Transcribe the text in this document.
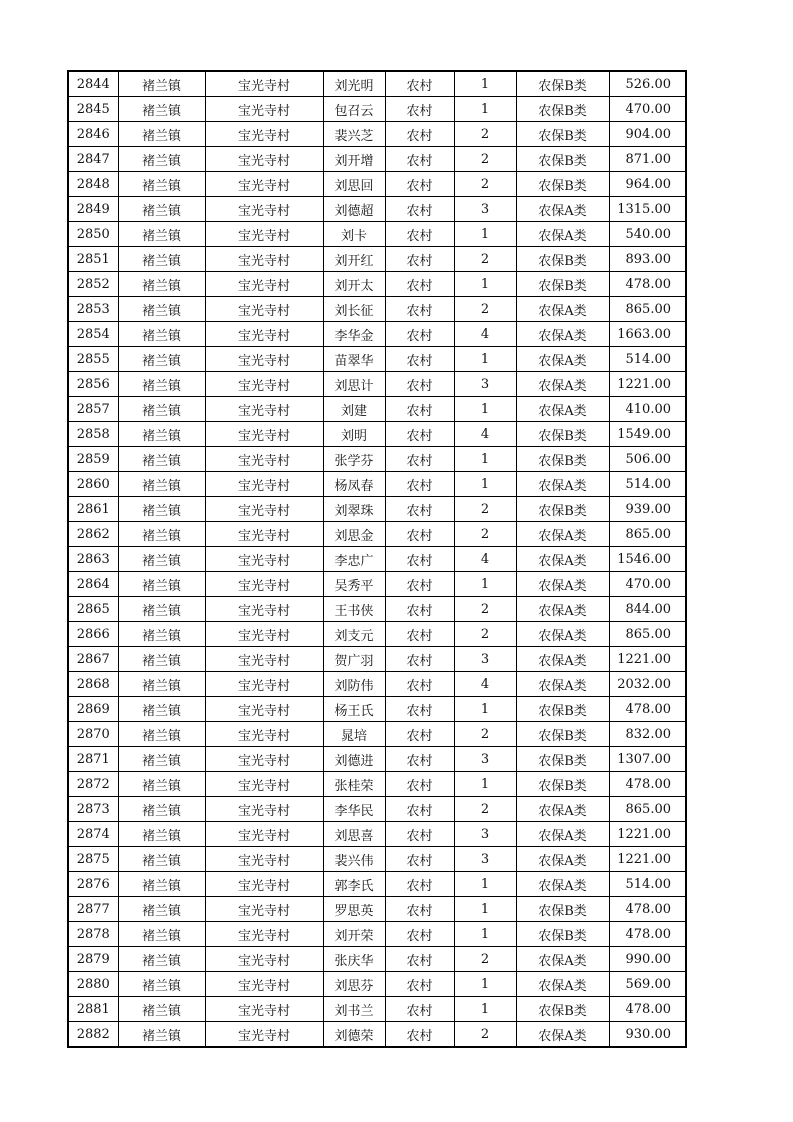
2844	褚兰镇	宝光寺村	刘光明	农村	1	农保B类	526.00
2845	褚兰镇	宝光寺村	包召云	农村	1	农保B类	470.00
2846	褚兰镇	宝光寺村	裴兴芝	农村	2	农保B类	904.00
2847	褚兰镇	宝光寺村	刘开增	农村	2	农保B类	871.00
2848	褚兰镇	宝光寺村	刘思回	农村	2	农保B类	964.00
2849	褚兰镇	宝光寺村	刘德超	农村	3	农保A类	1315.00
2850	褚兰镇	宝光寺村	刘卡	农村	1	农保A类	540.00
2851	褚兰镇	宝光寺村	刘开红	农村	2	农保B类	893.00
2852	褚兰镇	宝光寺村	刘开太	农村	1	农保B类	478.00
2853	褚兰镇	宝光寺村	刘长征	农村	2	农保A类	865.00
2854	褚兰镇	宝光寺村	李华金	农村	4	农保A类	1663.00
2855	褚兰镇	宝光寺村	苗翠华	农村	1	农保A类	514.00
2856	褚兰镇	宝光寺村	刘思计	农村	3	农保A类	1221.00
2857	褚兰镇	宝光寺村	刘建	农村	1	农保A类	410.00
2858	褚兰镇	宝光寺村	刘明	农村	4	农保B类	1549.00
2859	褚兰镇	宝光寺村	张学芬	农村	1	农保B类	506.00
2860	褚兰镇	宝光寺村	杨凤春	农村	1	农保A类	514.00
2861	褚兰镇	宝光寺村	刘翠珠	农村	2	农保B类	939.00
2862	褚兰镇	宝光寺村	刘思金	农村	2	农保A类	865.00
2863	褚兰镇	宝光寺村	李忠广	农村	4	农保A类	1546.00
2864	褚兰镇	宝光寺村	吴秀平	农村	1	农保A类	470.00
2865	褚兰镇	宝光寺村	王书侠	农村	2	农保A类	844.00
2866	褚兰镇	宝光寺村	刘支元	农村	2	农保A类	865.00
2867	褚兰镇	宝光寺村	贺广羽	农村	3	农保A类	1221.00
2868	褚兰镇	宝光寺村	刘防伟	农村	4	农保A类	2032.00
2869	褚兰镇	宝光寺村	杨王氏	农村	1	农保B类	478.00
2870	褚兰镇	宝光寺村	晁培	农村	2	农保B类	832.00
2871	褚兰镇	宝光寺村	刘德进	农村	3	农保B类	1307.00
2872	褚兰镇	宝光寺村	张桂荣	农村	1	农保B类	478.00
2873	褚兰镇	宝光寺村	李华民	农村	2	农保A类	865.00
2874	褚兰镇	宝光寺村	刘思喜	农村	3	农保A类	1221.00
2875	褚兰镇	宝光寺村	裴兴伟	农村	3	农保A类	1221.00
2876	褚兰镇	宝光寺村	郭李氏	农村	1	农保A类	514.00
2877	褚兰镇	宝光寺村	罗思英	农村	1	农保B类	478.00
2878	褚兰镇	宝光寺村	刘开荣	农村	1	农保B类	478.00
2879	褚兰镇	宝光寺村	张庆华	农村	2	农保A类	990.00
2880	褚兰镇	宝光寺村	刘思芬	农村	1	农保A类	569.00
2881	褚兰镇	宝光寺村	刘书兰	农村	1	农保B类	478.00
2882	褚兰镇	宝光寺村	刘德荣	农村	2	农保A类	930.00
